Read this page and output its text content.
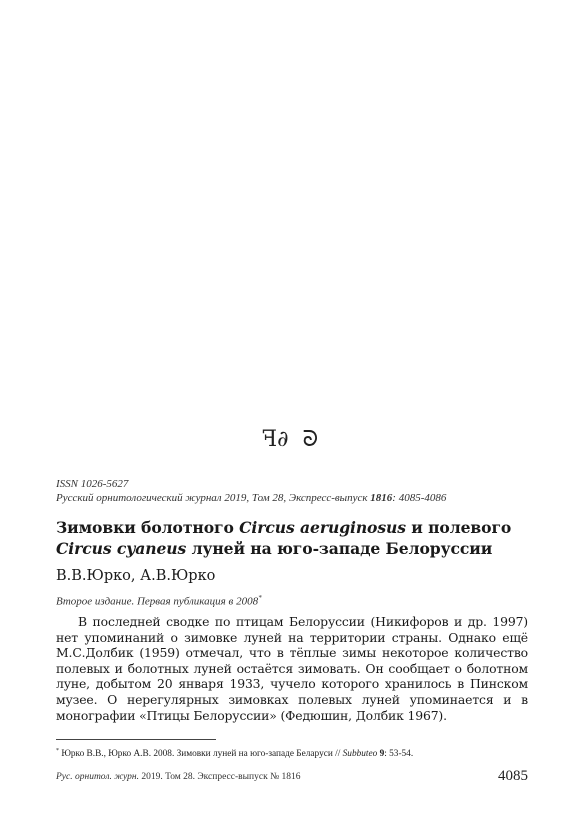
ꟻ∂ ᘐ
ISSN 1026-5627
Русский орнитологический журнал 2019, Том 28, Экспресс-выпуск 1816: 4085-4086
Зимовки болотного Circus aeruginosus и полевого
Circus cyaneus луней на юго-западе Белоруссии
В.В.Юрко, А.В.Юрко
Второе издание. Первая публикация в 2008*

В последней сводке по птицам Белоруссии (Никифоров и др. 1997) нет упоминаний о зимовке луней на территории страны. Однако ещё М.С.Долбик (1959) отмечал, что в тёплые зимы некоторое количество полевых и болотных луней остаётся зимовать. Он сообщает о болотном луне, добытом 20 января 1933, чучело которого хранилось в Пинском музее. О нерегулярных зимовках полевых луней упоминается и в монографии «Птицы Белоруссии» (Федюшин, Долбик 1967).

* Юрко В.В., Юрко А.В. 2008. Зимовки луней на юго-западе Беларуси // Subbuteo 9: 53-54.
Рус. орнитол. журн. 2019. Том 28. Экспресс-выпуск № 1816	4085
